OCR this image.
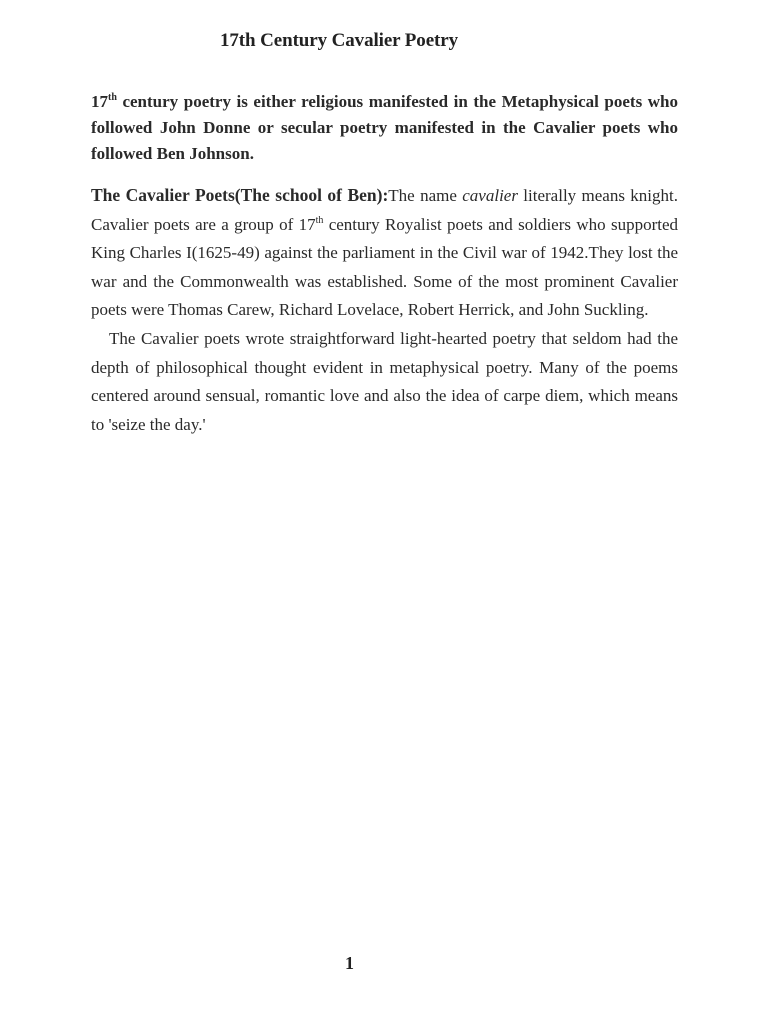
17th Century Cavalier Poetry
17th century poetry is either religious manifested in the Metaphysical poets who followed John Donne or secular poetry manifested in the Cavalier poets who followed Ben Johnson.

The Cavalier Poets(The school of Ben):The name cavalier literally means knight. Cavalier poets are a group of 17th century Royalist poets and soldiers who supported King Charles I(1625-49) against the parliament in the Civil war of 1942.They lost the war and the Commonwealth was established. Some of the most prominent Cavalier poets were Thomas Carew, Richard Lovelace, Robert Herrick, and John Suckling.

The Cavalier poets wrote straightforward light-hearted poetry that seldom had the depth of philosophical thought evident in metaphysical poetry. Many of the poems centered around sensual, romantic love and also the idea of carpe diem, which means to 'seize the day.'

1
